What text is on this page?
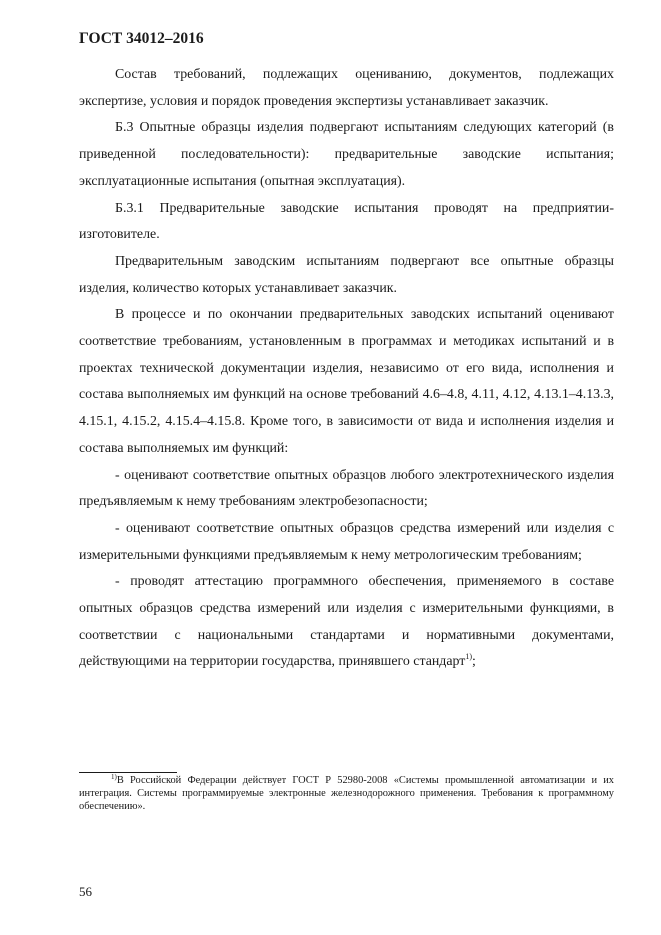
ГОСТ 34012–2016

Состав требований, подлежащих оцениванию, документов, подлежащих экспертизе, условия и порядок проведения экспертизы устанавливает заказчик.

Б.3 Опытные образцы изделия подвергают испытаниям следующих категорий (в приведенной последовательности): предварительные заводские испытания; эксплуатационные испытания (опытная эксплуатация).

Б.3.1 Предварительные заводские испытания проводят на предприятии-изготовителе.

Предварительным заводским испытаниям подвергают все опытные образцы изделия, количество которых устанавливает заказчик.

В процессе и по окончании предварительных заводских испытаний оценивают соответствие требованиям, установленным в программах и методиках испытаний и в проектах технической документации изделия, независимо от его вида, исполнения и состава выполняемых им функций на основе требований 4.6–4.8, 4.11, 4.12, 4.13.1–4.13.3, 4.15.1, 4.15.2, 4.15.4–4.15.8. Кроме того, в зависимости от вида и исполнения изделия и состава выполняемых им функций:

- оценивают соответствие опытных образцов любого электротехнического изделия предъявляемым к нему требованиям электробезопасности;

- оценивают соответствие опытных образцов средства измерений или изделия с измерительными функциями предъявляемым к нему метрологическим требованиям;

- проводят аттестацию программного обеспечения, применяемого в составе опытных образцов средства измерений или изделия с измерительными функциями, в соответствии с национальными стандартами и нормативными документами, действующими на территории государства, принявшего стандарт$^{1)}$;

$^{1)}$В Российской Федерации действует ГОСТ Р 52980-2008 «Системы промышленной автоматизации и их интеграция. Системы программируемые электронные железнодорожного применения. Требования к программному обеспечению».

56
